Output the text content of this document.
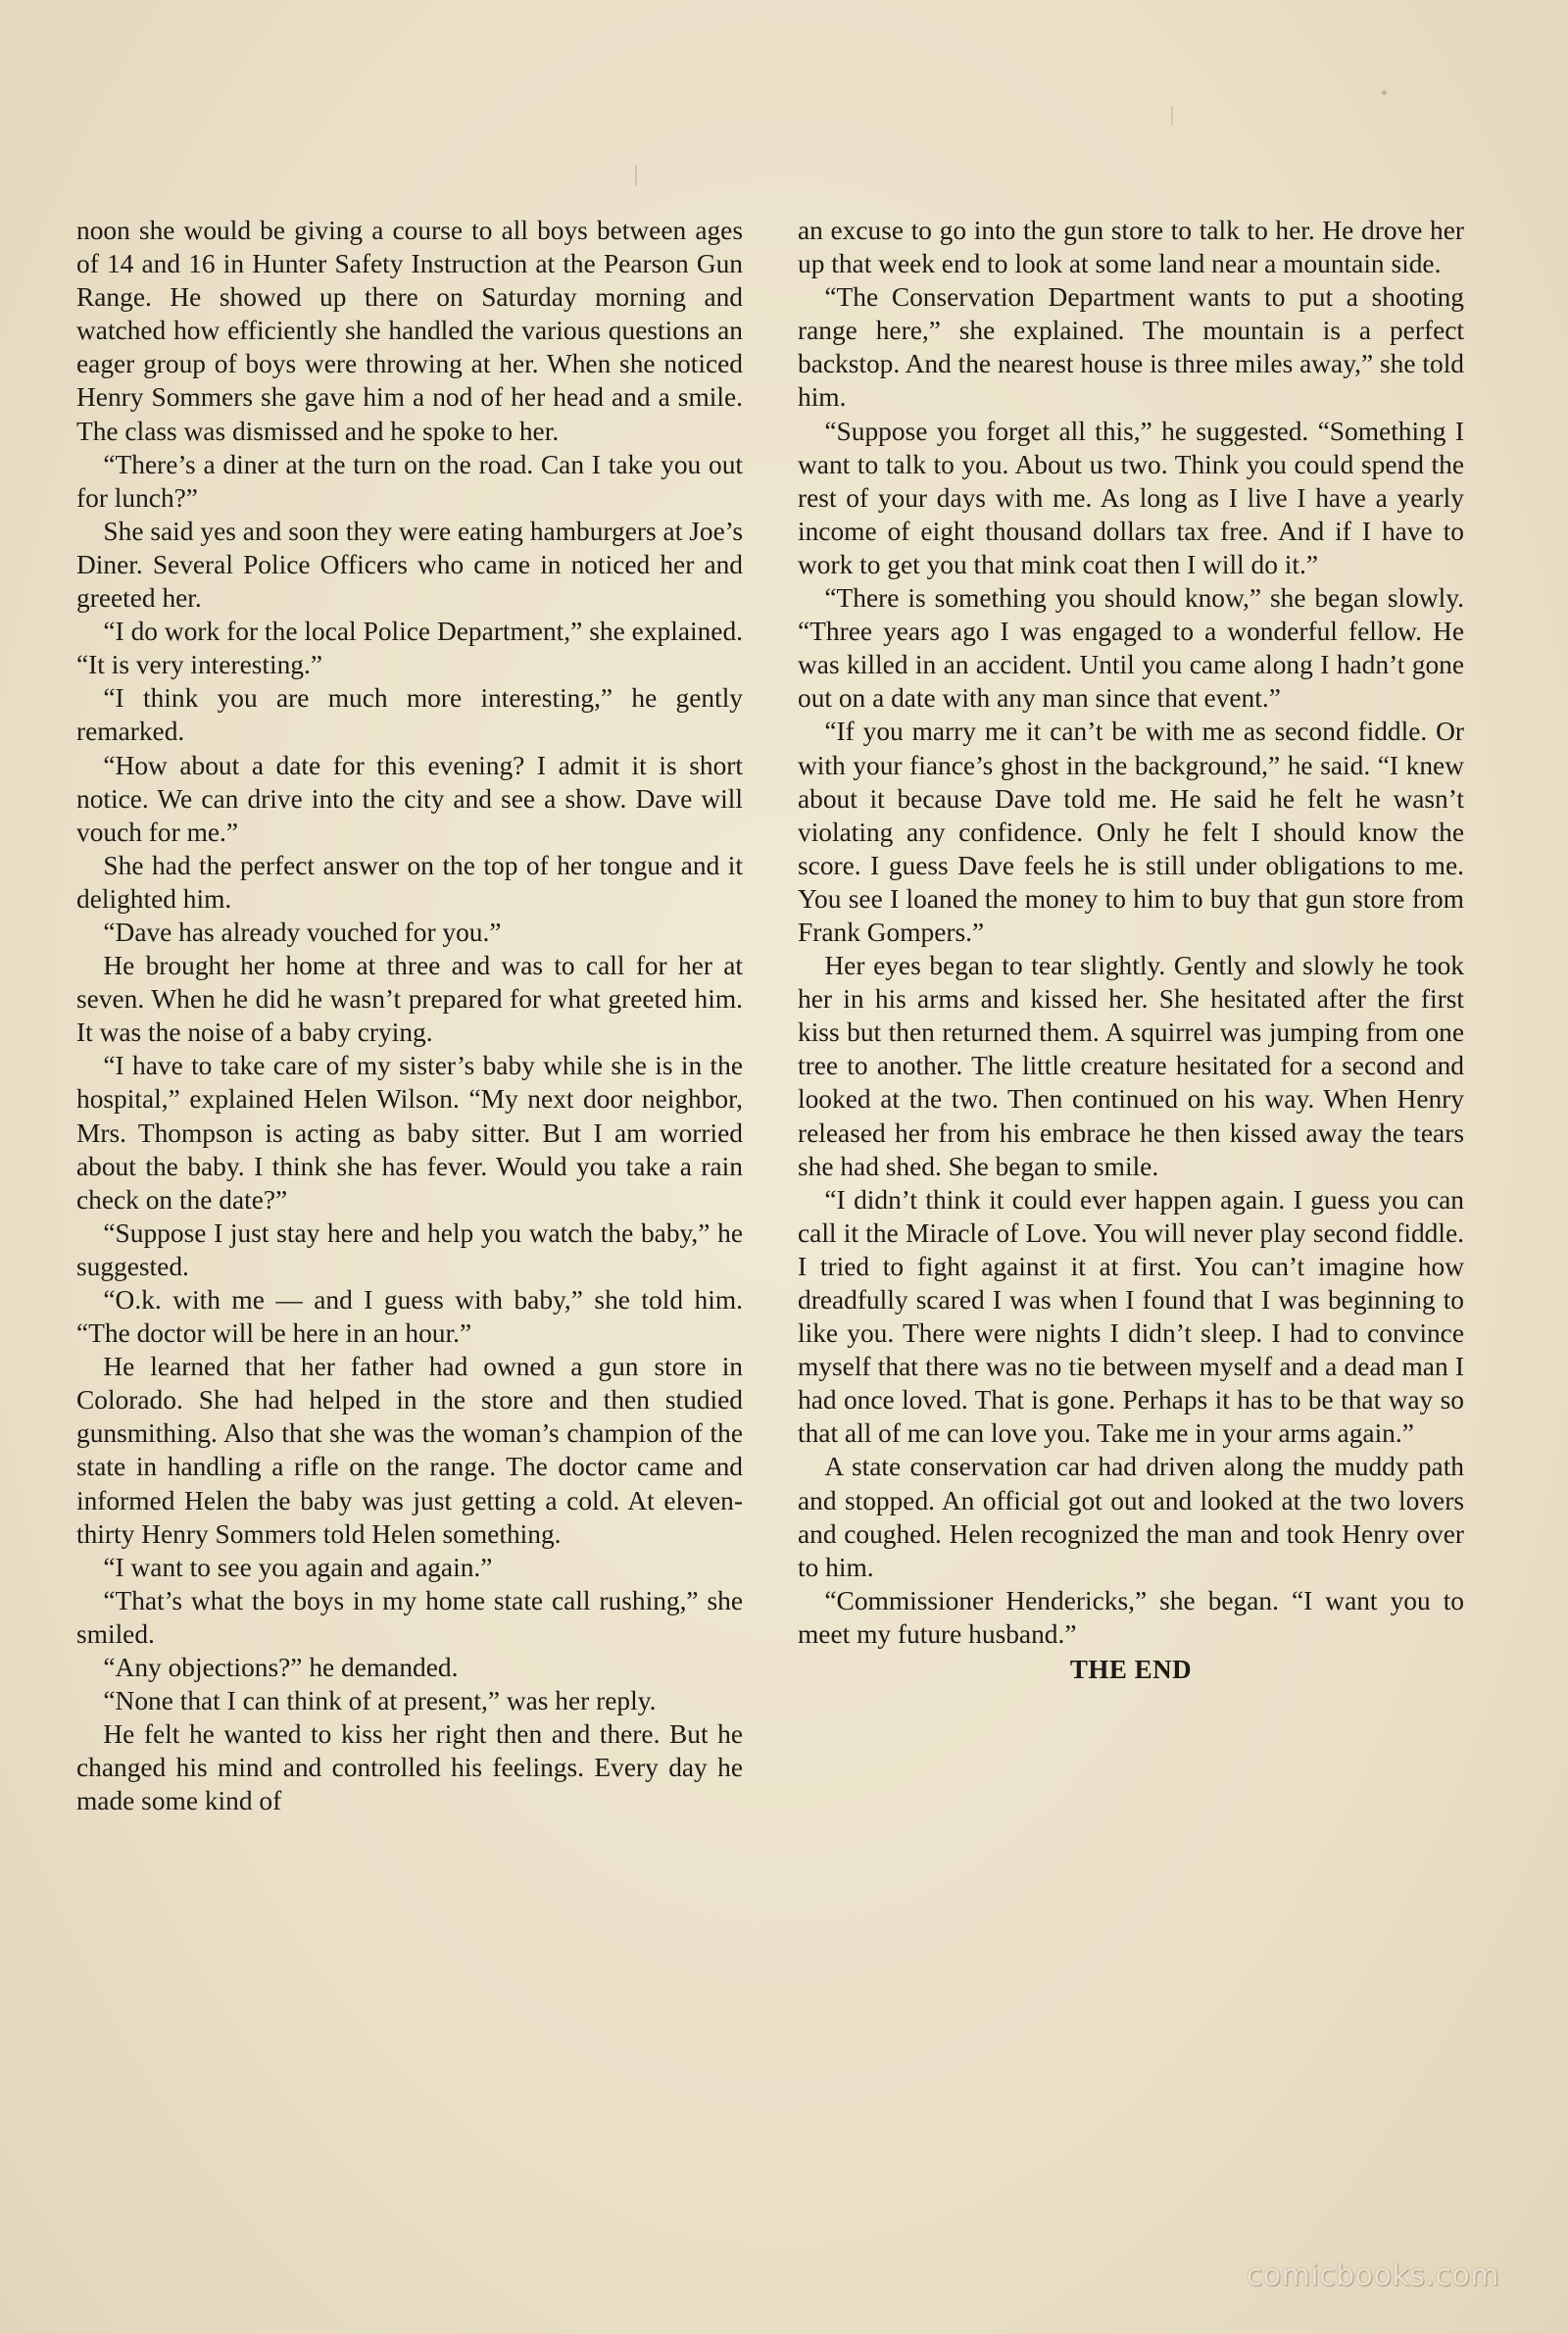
noon she would be giving a course to all boys between ages of 14 and 16 in Hunter Safety Instruction at the Pearson Gun Range. He showed up there on Saturday morning and watched how efficiently she handled the various questions an eager group of boys were throwing at her. When she noticed Henry Sommers she gave him a nod of her head and a smile. The class was dismissed and he spoke to her.

“There’s a diner at the turn on the road. Can I take you out for lunch?”

She said yes and soon they were eating hamburgers at Joe’s Diner. Several Police Officers who came in noticed her and greeted her.

“I do work for the local Police Department,” she explained. “It is very interesting.”

“I think you are much more interesting,” he gently remarked.

“How about a date for this evening? I admit it is short notice. We can drive into the city and see a show. Dave will vouch for me.”

She had the perfect answer on the top of her tongue and it delighted him.

“Dave has already vouched for you.”

He brought her home at three and was to call for her at seven. When he did he wasn’t prepared for what greeted him. It was the noise of a baby crying.

“I have to take care of my sister’s baby while she is in the hospital,” explained Helen Wilson. “My next door neighbor, Mrs. Thompson is acting as baby sitter. But I am worried about the baby. I think she has fever. Would you take a rain check on the date?”

“Suppose I just stay here and help you watch the baby,” he suggested.

“O.k. with me — and I guess with baby,” she told him. “The doctor will be here in an hour.”

He learned that her father had owned a gun store in Colorado. She had helped in the store and then studied gunsmithing. Also that she was the woman’s champion of the state in handling a rifle on the range. The doctor came and informed Helen the baby was just getting a cold. At eleven-thirty Henry Sommers told Helen something.

“I want to see you again and again.”

“That’s what the boys in my home state call rushing,” she smiled.

“Any objections?” he demanded.

“None that I can think of at present,” was her reply.

He felt he wanted to kiss her right then and there. But he changed his mind and controlled his feelings. Every day he made some kind of

an excuse to go into the gun store to talk to her. He drove her up that week end to look at some land near a mountain side.

“The Conservation Department wants to put a shooting range here,” she explained. The mountain is a perfect backstop. And the nearest house is three miles away,” she told him.

“Suppose you forget all this,” he suggested. “Something I want to talk to you. About us two. Think you could spend the rest of your days with me. As long as I live I have a yearly income of eight thousand dollars tax free. And if I have to work to get you that mink coat then I will do it.”

“There is something you should know,” she began slowly. “Three years ago I was engaged to a wonderful fellow. He was killed in an accident. Until you came along I hadn’t gone out on a date with any man since that event.”

“If you marry me it can’t be with me as second fiddle. Or with your fiance’s ghost in the background,” he said. “I knew about it because Dave told me. He said he felt he wasn’t violating any confidence. Only he felt I should know the score. I guess Dave feels he is still under obligations to me. You see I loaned the money to him to buy that gun store from Frank Gompers.”

Her eyes began to tear slightly. Gently and slowly he took her in his arms and kissed her. She hesitated after the first kiss but then returned them. A squirrel was jumping from one tree to another. The little creature hesitated for a second and looked at the two. Then continued on his way. When Henry released her from his embrace he then kissed away the tears she had shed. She began to smile.

“I didn’t think it could ever happen again. I guess you can call it the Miracle of Love. You will never play second fiddle. I tried to fight against it at first. You can’t imagine how dreadfully scared I was when I found that I was beginning to like you. There were nights I didn’t sleep. I had to convince myself that there was no tie between myself and a dead man I had once loved. That is gone. Perhaps it has to be that way so that all of me can love you. Take me in your arms again.”

A state conservation car had driven along the muddy path and stopped. An official got out and looked at the two lovers and coughed. Helen recognized the man and took Henry over to him.

“Commissioner Hendericks,” she began. “I want you to meet my future husband.”

THE END

comicbooks.com
